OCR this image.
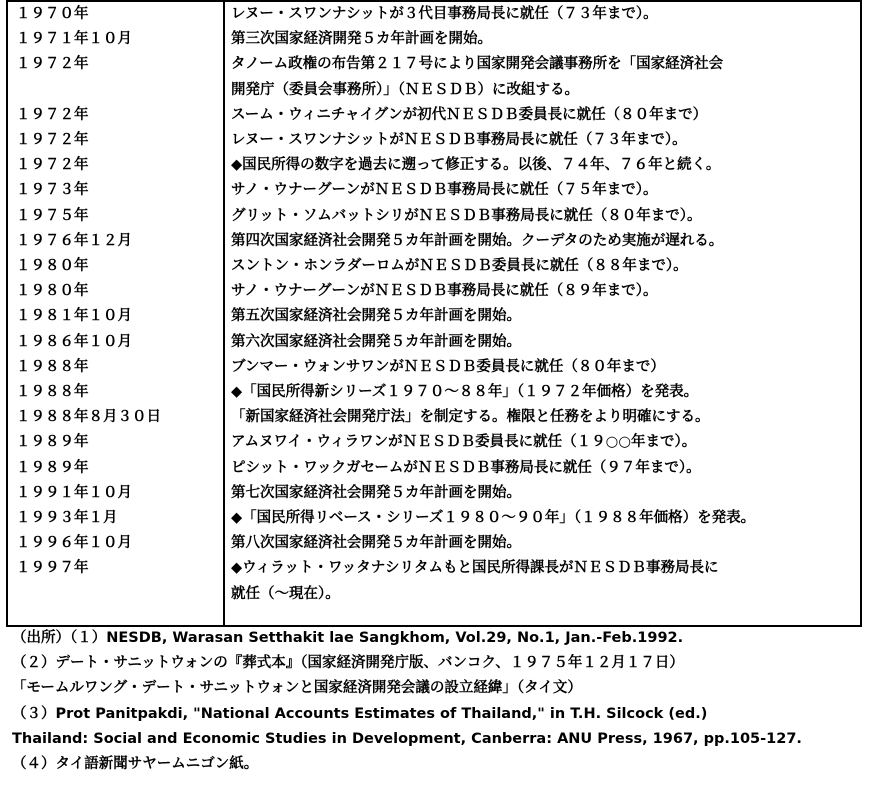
１９７０年	レヌー・スワンナシットが３代目事務局長に就任（７３年まで）。

１９７１年１０月	第三次国家経済開発５カ年計画を開始。

１９７２年	タノーム政権の布告第２１７号により国家開発会議事務所を「国家経済社会
開発庁（委員会事務所）」（ＮＥＳＤＢ）に改組する。

１９７２年	スーム・ウィニチャイグンが初代ＮＥＳＤＢ委員長に就任（８０年まで）

１９７２年	レヌー・スワンナシットがＮＥＳＤＢ事務局長に就任（７３年まで）。

１９７２年	◆国民所得の数字を過去に遡って修正する。以後、７４年、７６年と続く。

１９７３年	サノ・ウナーグーンがＮＥＳＤＢ事務局長に就任（７５年まで）。

１９７５年	グリット・ソムバットシリがＮＥＳＤＢ事務局長に就任（８０年まで）。

１９７６年１２月	第四次国家経済社会開発５カ年計画を開始。クーデタのため実施が遅れる。

１９８０年	スントン・ホンラダーロムがＮＥＳＤＢ委員長に就任（８８年まで）。

１９８０年	サノ・ウナーグーンがＮＥＳＤＢ事務局長に就任（８９年まで）。

１９８１年１０月	第五次国家経済社会開発５カ年計画を開始。

１９８６年１０月	第六次国家経済社会開発５カ年計画を開始。

１９８８年	ブンマー・ウォンサワンがＮＥＳＤＢ委員長に就任（８０年まで）

１９８８年	◆「国民所得新シリーズ１９７０～８８年」（１９７２年価格）を発表。

１９８８年８月３０日	「新国家経済社会開発庁法」を制定する。権限と任務をより明確にする。

１９８９年	アムヌワイ・ウィラワンがＮＥＳＤＢ委員長に就任（１９○○年まで）。

１９８９年	ピシット・ワックガセームがＮＥＳＤＢ事務局長に就任（９７年まで）。

１９９１年１０月	第七次国家経済社会開発５カ年計画を開始。

１９９３年１月	◆「国民所得リベース・シリーズ１９８０～９０年」（１９８８年価格）を発表。

１９９６年１０月	第八次国家経済社会開発５カ年計画を開始。

１９９７年	◆ウィラット・ワッタナシリタムもと国民所得課長がＮＥＳＤＢ事務局長に
就任（～現在）。

（出所）（１）NESDB, Warasan Setthakit lae Sangkhom, Vol.29, No.1, Jan.-Feb.1992.
（２）デート・サニットウォンの『葬式本』（国家経済開発庁版、バンコク、１９７５年１２月１７日）
「モームルワング・デート・サニットウォンと国家経済開発会議の設立経緯」（タイ文）
（３）Prot Panitpakdi, "National Accounts Estimates of Thailand," in T.H. Silcock (ed.)
Thailand: Social and Economic Studies in Development, Canberra: ANU Press, 1967, pp.105-127.
（４）タイ語新聞サヤームニゴン紙。
